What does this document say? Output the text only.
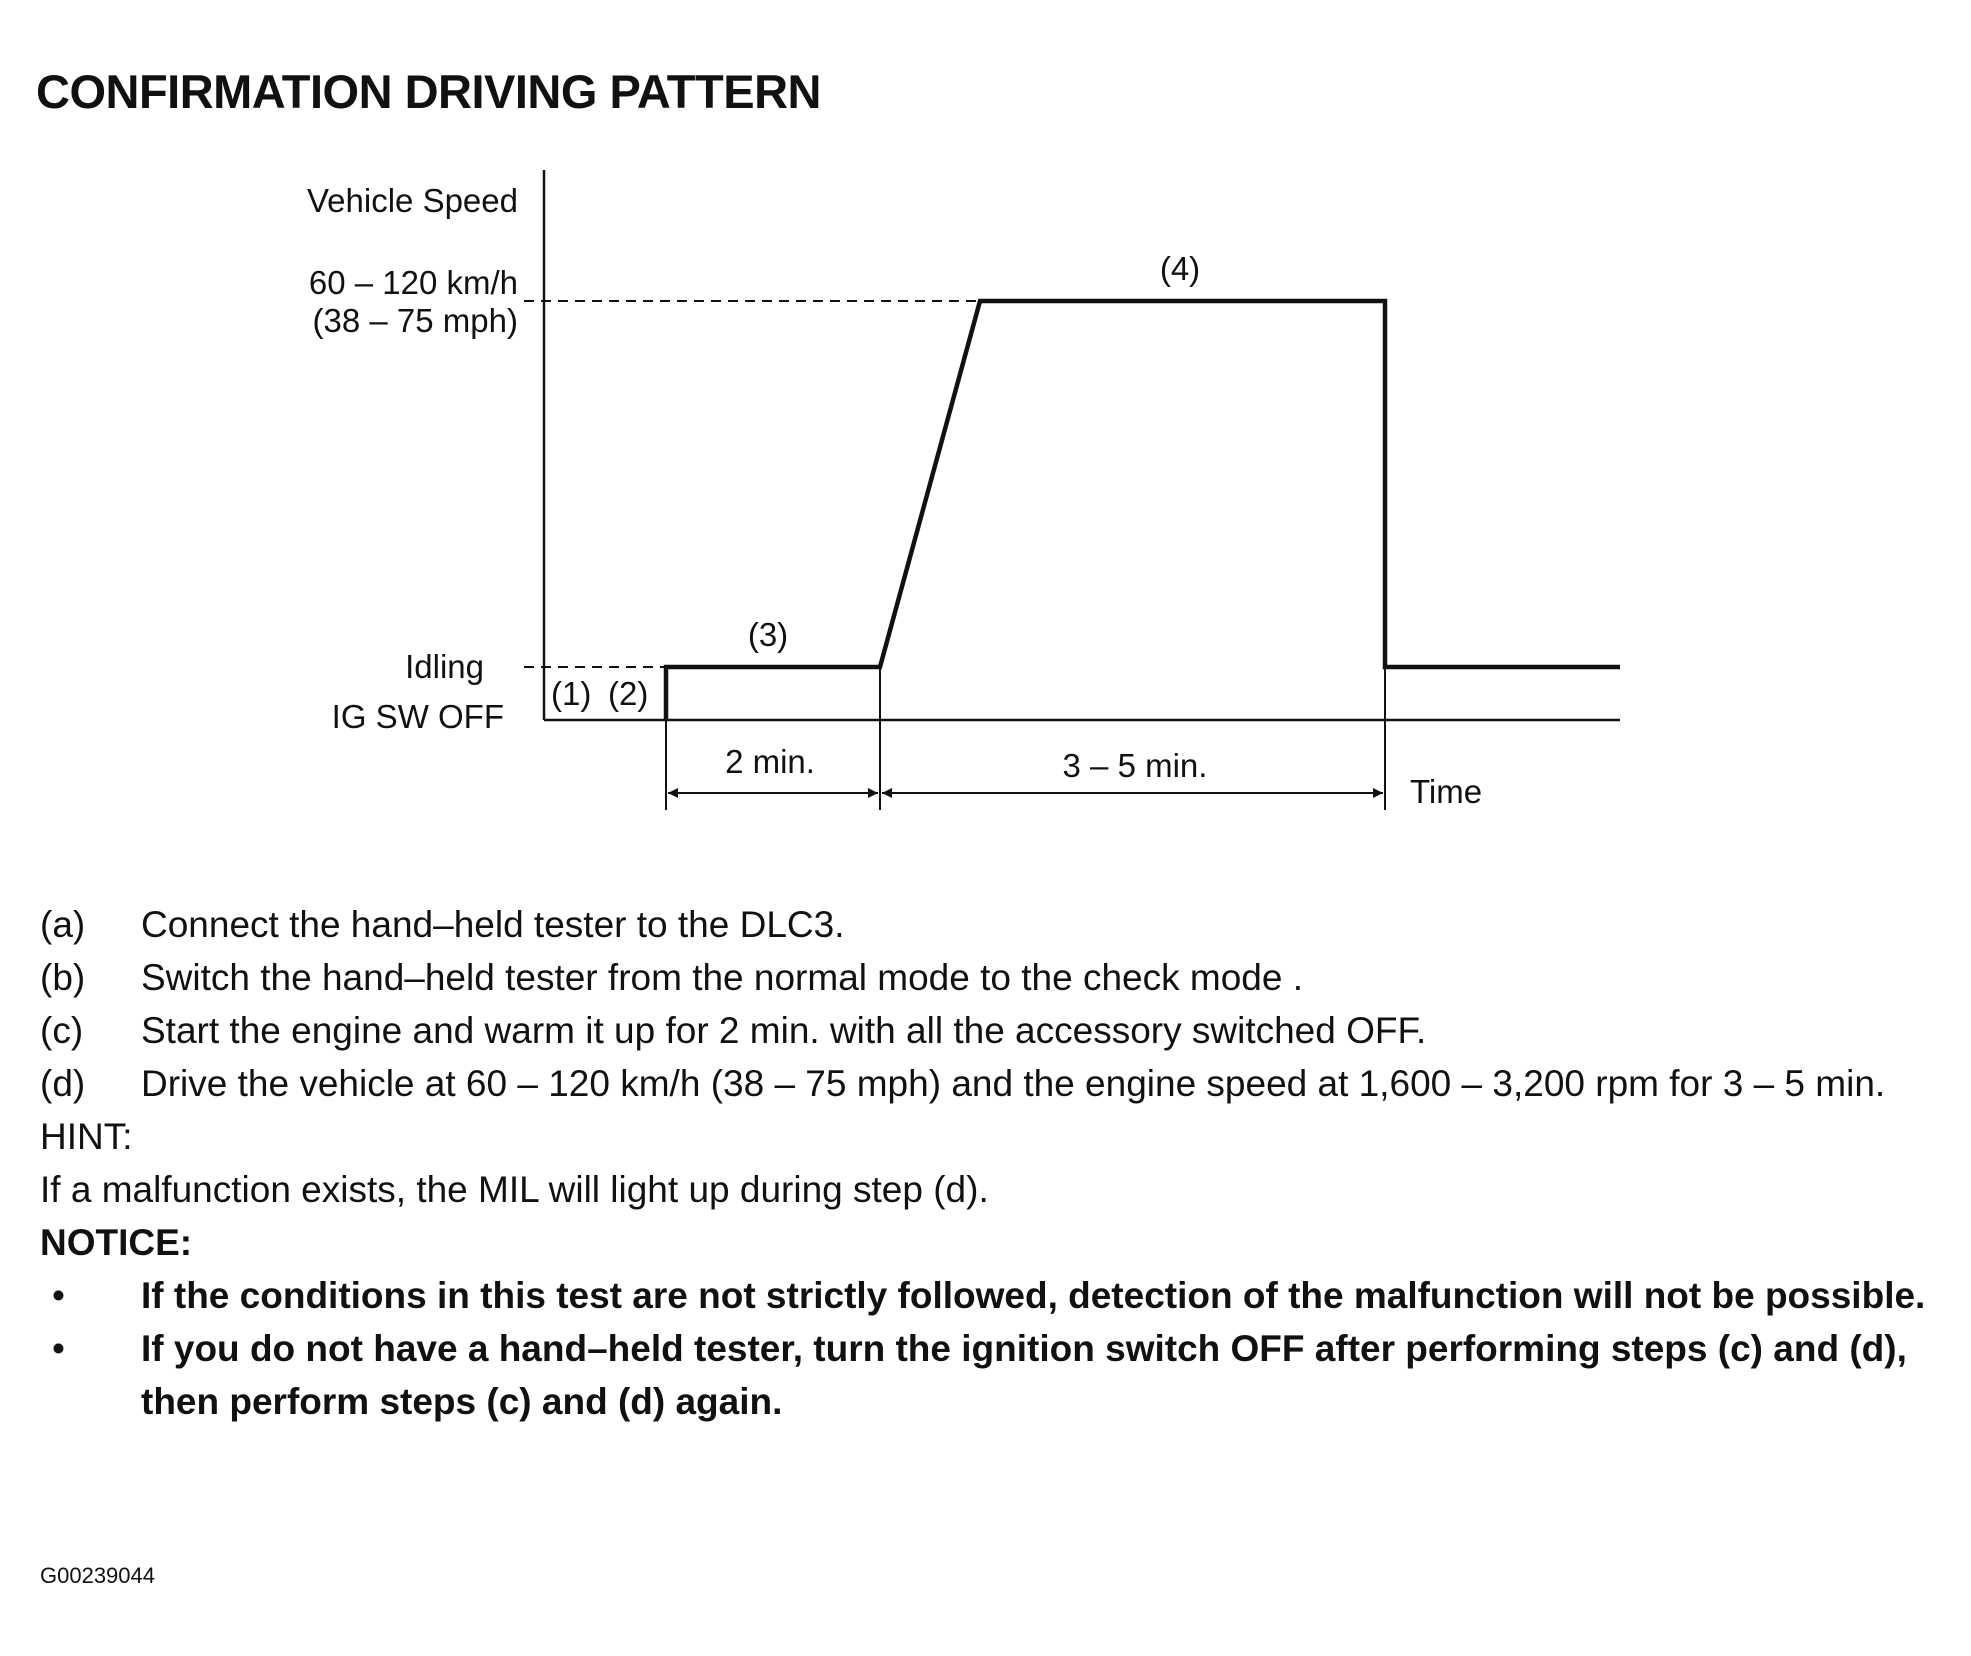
CONFIRMATION DRIVING PATTERN
Vehicle Speed
60 – 120 km/h
(38 – 75 mph)
Idling
IG SW OFF
Time
(1) (2)
(3)
(4)
2 min.	3 – 5 min.
(a) Connect the hand–held tester to the DLC3.
(b) Switch the hand–held tester from the normal mode to the check mode .
(c) Start the engine and warm it up for 2 min. with all the accessory switched OFF.
(d) Drive the vehicle at 60 – 120 km/h (38 – 75 mph) and the engine speed at 1,600 – 3,200 rpm for 3 – 5 min.
HINT:
If a malfunction exists, the MIL will light up during step (d).
NOTICE:
• If the conditions in this test are not strictly followed, detection of the malfunction will not be possible.
• If you do not have a hand–held tester, turn the ignition switch OFF after performing steps (c) and (d), then perform steps (c) and (d) again.
G00239044
